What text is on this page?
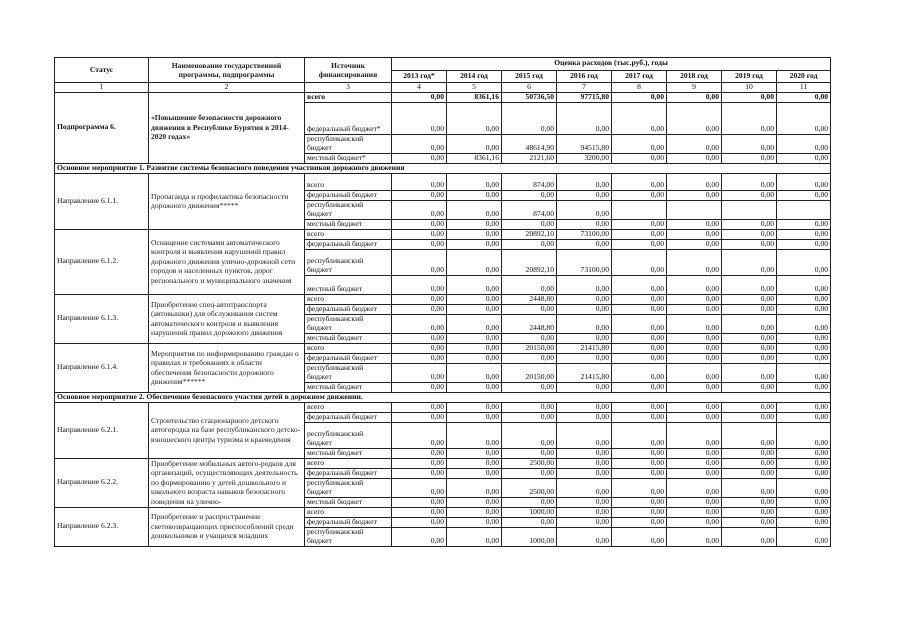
Статус	Наименование государственной программы, подпрограммы	Источник финансирования	Оценка расходов (тыс.руб.), годы							
			2013 год*	2014 год	2015 год	2016 год	2017 год	2018 год	2019 год	2020 год
1	2	3	4	5	6	7	8	9	10	11
Подпрограмма 6.	«Повышение безопасности дорожного движения в Республике Бурятия в 2014-2020 годах»	всего	0,00	8361,16	50736,50	97715,80	0,00	0,00	0,00	0,00
		федеральный бюджет*	0,00	0,00	0,00	0,00	0,00	0,00	0,00	0,00
		республиканский бюджет	0,00	0,00	48614,90	94515,80	0,00	0,00	0,00	0,00
		местный бюджет*	0,00	8361,16	2121,60	3200,00	0,00	0,00	0,00	0,00
Основное мероприятие 1. Развитие системы безопасного поведения участников дорожного движения										
Направление 6.1.1.	Пропаганда и профилактика безопасности дорожного движения*****	всего	0,00	0,00	874,00	0,00	0,00	0,00	0,00	0,00
		федеральный бюджет	0,00	0,00	0,00	0,00	0,00	0,00	0,00	0,00
		республиканский бюджет	0,00	0,00	874,00	0,00				
		местный бюджет	0,00	0,00	0,00	0,00	0,00	0,00	0,00	0,00
Направление 6.1.2.	Оснащение системами автоматического контроля и выявления нарушений правил дорожного движения улично-дорожной сети городов и населенных пунктов, дорог регионального и муниципального значения	всего	0,00	0,00	20892,10	73100,00	0,00	0,00	0,00	0,00
		федеральный бюджет	0,00	0,00	0,00	0,00	0,00	0,00	0,00	0,00
		республиканский бюджет	0,00	0,00	20892,10	73100,00	0,00	0,00	0,00	0,00
		местный бюджет	0,00	0,00	0,00	0,00	0,00	0,00	0,00	0,00
Направление 6.1.3.	Приобретение спец-автотранспорта (автовышки) для обслуживания систем автоматического контроля и выявления нарушений правил дорожного движения	всего	0,00	0,00	2448,80	0,00	0,00	0,00	0,00	0,00
		федеральный бюджет	0,00	0,00	0,00	0,00	0,00	0,00	0,00	0,00
		республиканский бюджет	0,00	0,00	2448,80	0,00	0,00	0,00	0,00	0,00
		местный бюджет	0,00	0,00	0,00	0,00	0,00	0,00	0,00	0,00
Направление 6.1.4.	Мероприятия по информированию граждан о правилах и требованиях в области обеспечения безопасности дорожного движения******	всего	0,00	0,00	20150,00	21415,80	0,00	0,00	0,00	0,00
		федеральный бюджет	0,00	0,00	0,00	0,00	0,00	0,00	0,00	0,00
		республиканский бюджет	0,00	0,00	20150,00	21415,80	0,00	0,00	0,00	0,00
		местный бюджет	0,00	0,00	0,00	0,00	0,00	0,00	0,00	0,00
Основное мероприятие 2. Обеспечение безопасного участия детей в дорожном движении.										
Направление 6.2.1.	Строительство стационарного детского автогородка на базе республиканского детско-юношеского центра туризма и краеведения	всего	0,00	0,00	0,00	0,00	0,00	0,00	0,00	0,00
		федеральный бюджет	0,00	0,00	0,00	0,00	0,00	0,00	0,00	0,00
		республиканский бюджет	0,00	0,00	0,00	0,00	0,00	0,00	0,00	0,00
		местный бюджет	0,00	0,00	0,00	0,00	0,00	0,00	0,00	0,00
Направление 6.2.2.	Приобретение мобильных автого-родков для организаций, осуществляющих деятельность по формированию у детей дошкольного и школьного возраста навыков безопасного поведения на улично-	всего	0,00	0,00	2500,00	0,00	0,00	0,00	0,00	0,00
		федеральный бюджет	0,00	0,00	0,00	0,00	0,00	0,00	0,00	0,00
		республиканский бюджет	0,00	0,00	2500,00	0,00	0,00	0,00	0,00	0,00
		местный бюджет	0,00	0,00	0,00	0,00	0,00	0,00	0,00	0,00
Направление 6.2.3.	Приобретение и распространение световозвращающих приспособлений среди дошкольников и учащихся младших	всего	0,00	0,00	1000,00	0,00	0,00	0,00	0,00	0,00
		федеральный бюджет	0,00	0,00	0,00	0,00	0,00	0,00	0,00	0,00
		республиканский бюджет	0,00	0,00	1000,00	0,00	0,00	0,00	0,00	0,00
